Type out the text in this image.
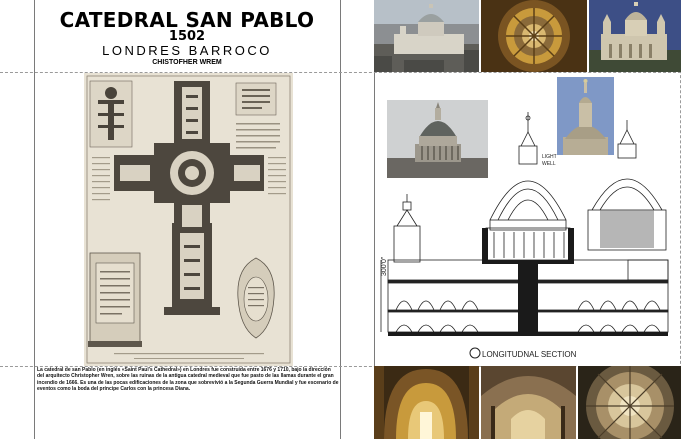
CATEDRAL SAN PABLO
1502
LONDRES BARROCO
CHISTOFHER WREM
La catedral de san Pablo (en inglés «Saint Paul's Cathedral») en Londres fue construida entre 1676 y 1710, bajo la dirección del arquitecto Christopher Wren, sobre las ruinas de la antigua catedral medieval que fue pasto de las llamas durante el gran incendio de 1666. Es una de las pocas edificaciones de la zona que sobrevivió a la Segunda Guerra Mundial y fue escenario de eventos como la boda del príncipe Carlos con la princesa Diana.
300'0"
LIGHT
WELL
LONGITUDNAL SECTION
